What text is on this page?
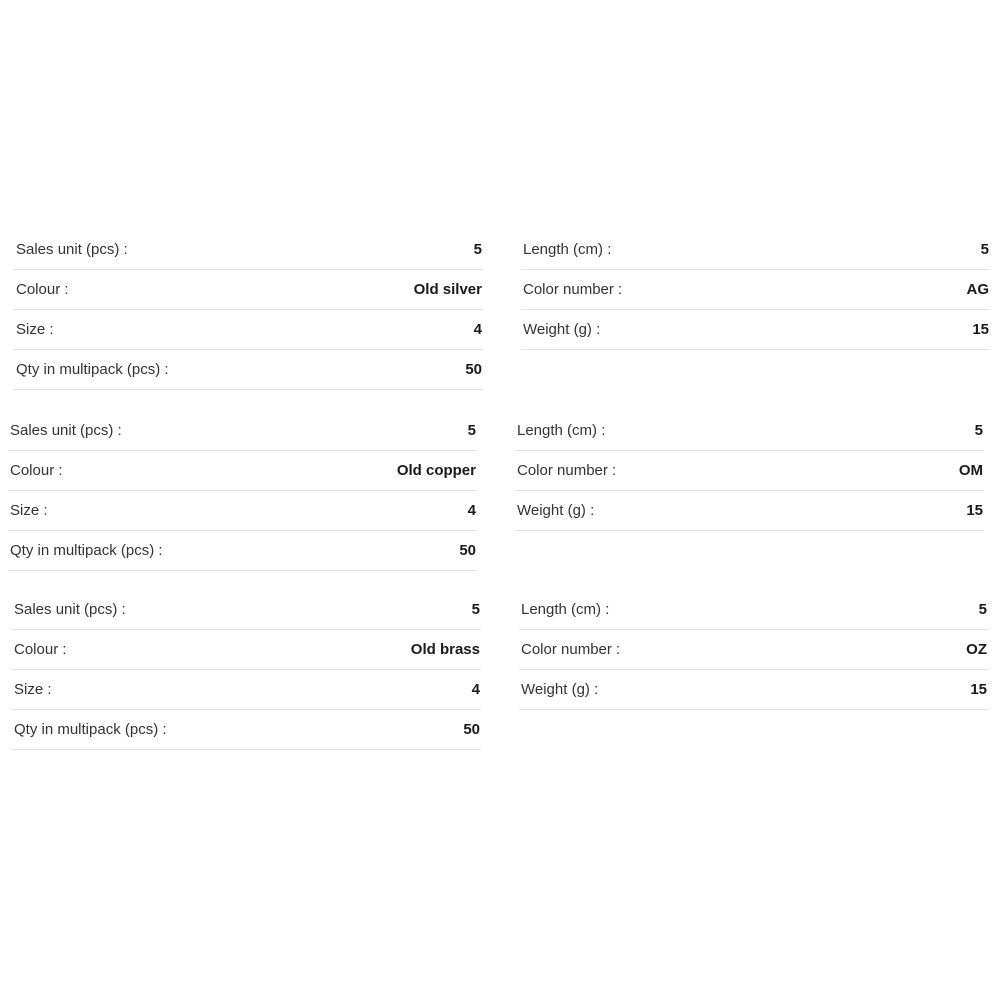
Sales unit (pcs) :	5
Colour :	Old silver
Size :	4
Qty in multipack (pcs) :	50
Length (cm) :	5
Color number :	AG
Weight (g) :	15
Sales unit (pcs) :	5
Colour :	Old copper
Size :	4
Qty in multipack (pcs) :	50
Length (cm) :	5
Color number :	OM
Weight (g) :	15
Sales unit (pcs) :	5
Colour :	Old brass
Size :	4
Qty in multipack (pcs) :	50
Length (cm) :	5
Color number :	OZ
Weight (g) :	15
